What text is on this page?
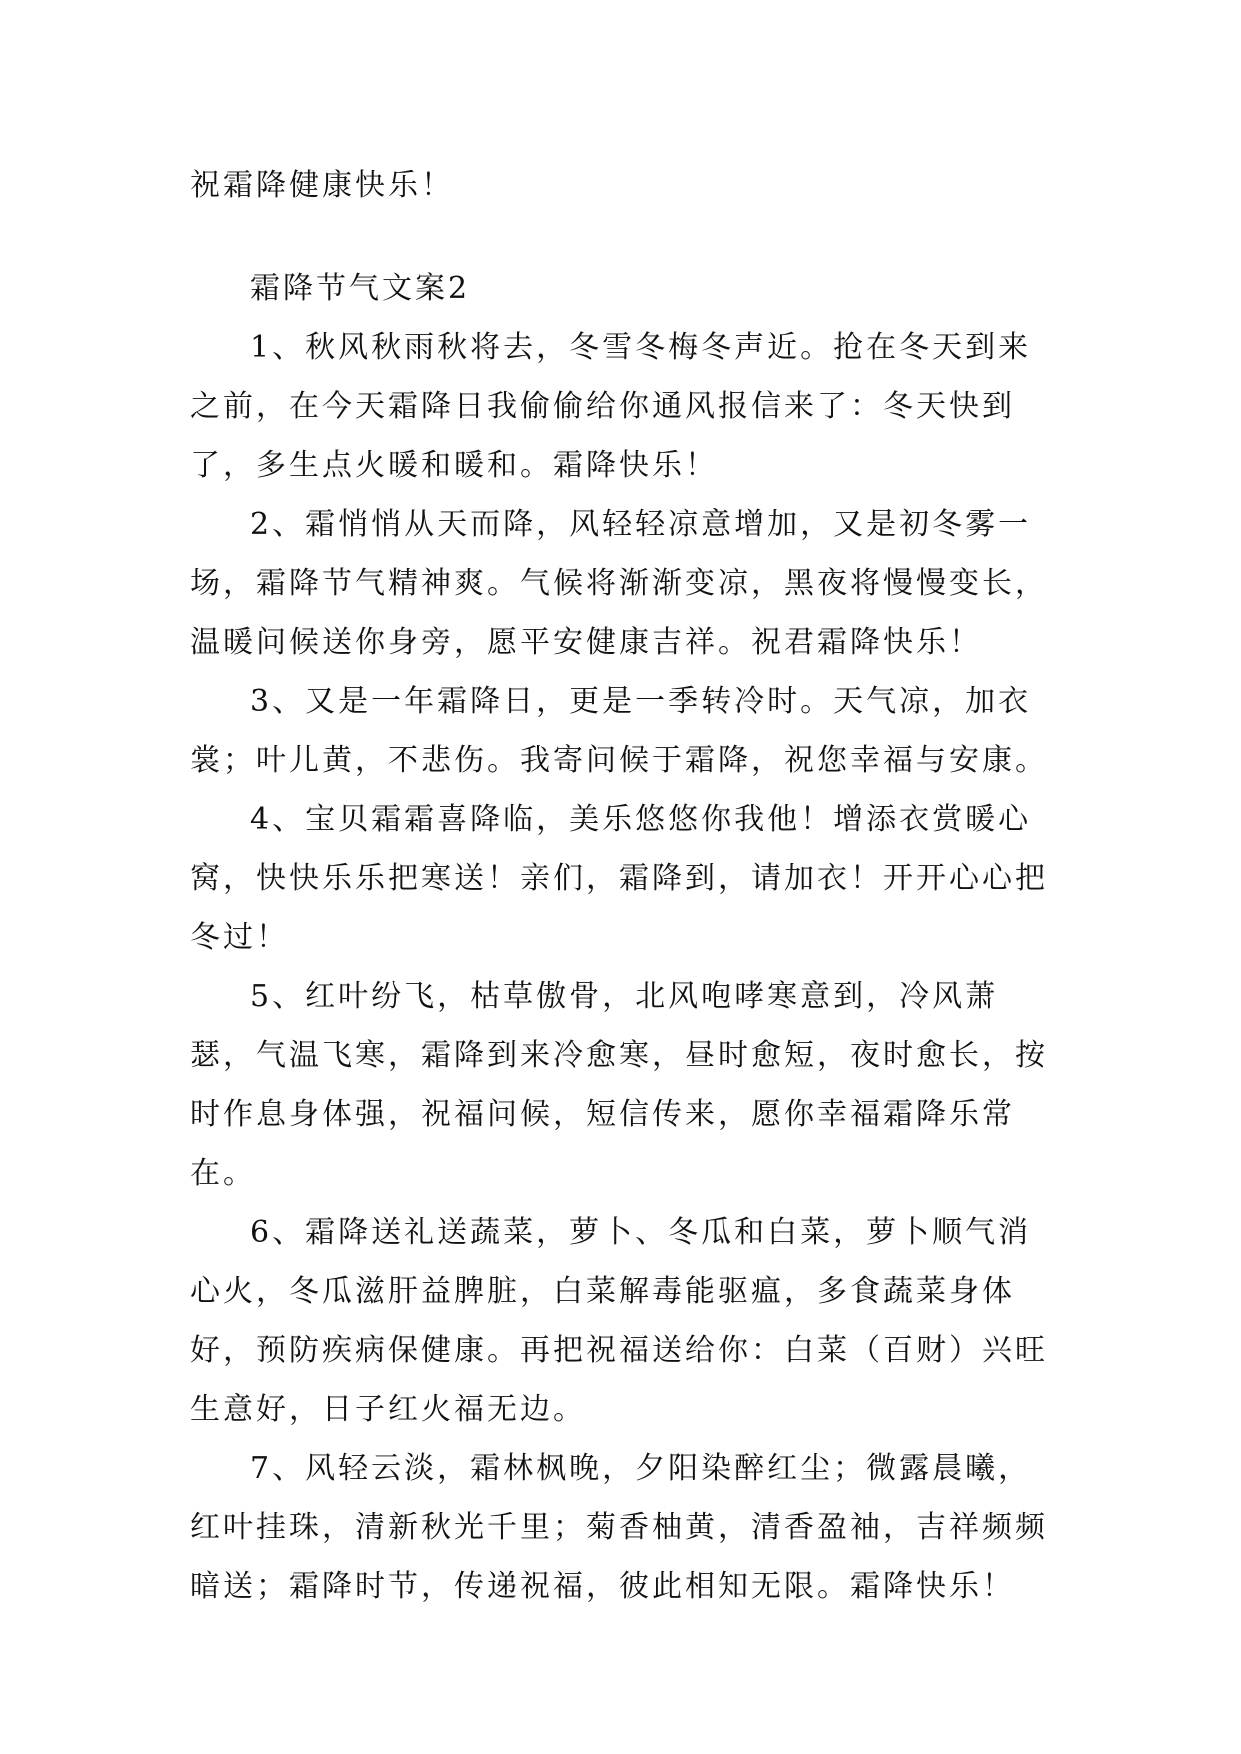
祝霜降健康快乐！

霜降节气文案2

1、秋风秋雨秋将去，冬雪冬梅冬声近。抢在冬天到来之前，在今天霜降日我偷偷给你通风报信来了：冬天快到了，多生点火暖和暖和。霜降快乐！

2、霜悄悄从天而降，风轻轻凉意增加，又是初冬雾一场，霜降节气精神爽。气候将渐渐变凉，黑夜将慢慢变长，温暖问候送你身旁，愿平安健康吉祥。祝君霜降快乐！

3、又是一年霜降日，更是一季转冷时。天气凉，加衣裳；叶儿黄，不悲伤。我寄问候于霜降，祝您幸福与安康。

4、宝贝霜霜喜降临，美乐悠悠你我他！增添衣赏暖心窝，快快乐乐把寒送！亲们，霜降到，请加衣！开开心心把冬过！

5、红叶纷飞，枯草傲骨，北风咆哮寒意到，冷风萧瑟，气温飞寒，霜降到来冷愈寒，昼时愈短，夜时愈长，按时作息身体强，祝福问候，短信传来，愿你幸福霜降乐常在。

6、霜降送礼送蔬菜，萝卜、冬瓜和白菜，萝卜顺气消心火，冬瓜滋肝益脾脏，白菜解毒能驱瘟，多食蔬菜身体好，预防疾病保健康。再把祝福送给你：白菜（百财）兴旺生意好，日子红火福无边。

7、风轻云淡，霜林枫晚，夕阳染醉红尘；微露晨曦，红叶挂珠，清新秋光千里；菊香柚黄，清香盈袖，吉祥频频暗送；霜降时节，传递祝福，彼此相知无限。霜降快乐！
